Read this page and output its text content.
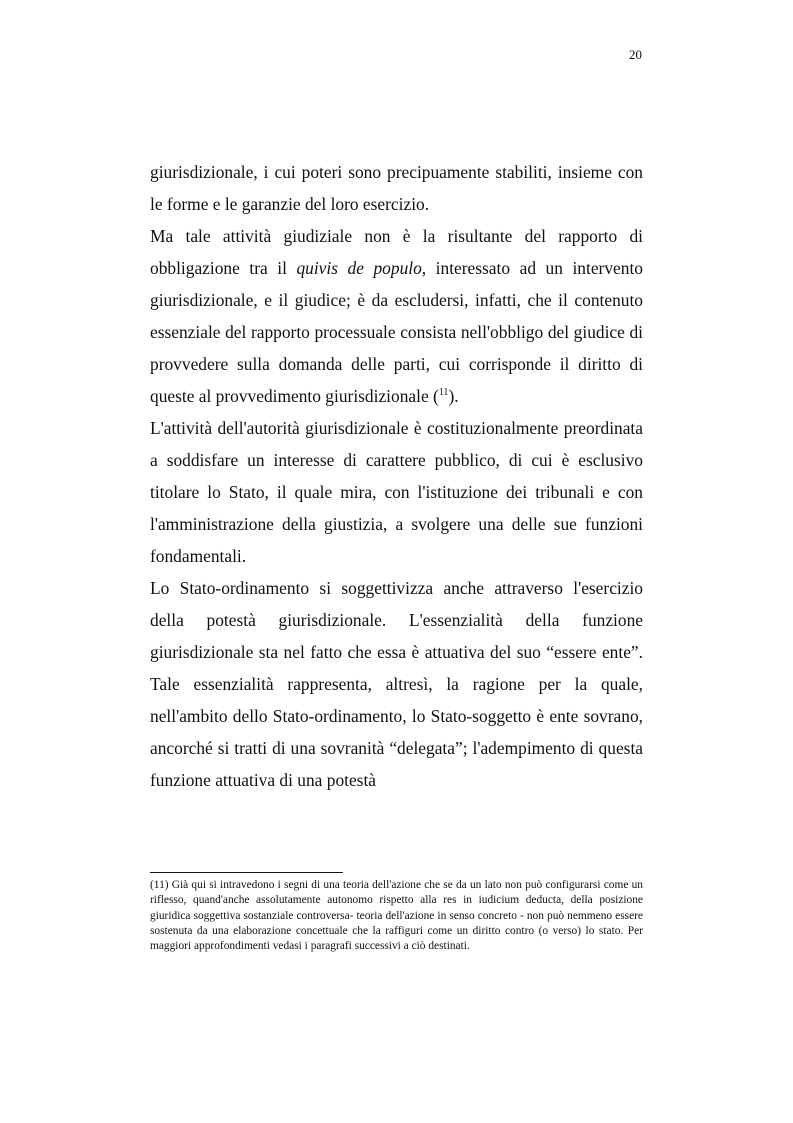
20

giurisdizionale, i cui poteri sono precipuamente stabiliti, insieme con le forme e le garanzie del loro esercizio.

Ma tale attività giudiziale non è la risultante del rapporto di obbligazione tra il quivis de populo, interessato ad un intervento giurisdizionale, e il giudice; è da escludersi, infatti, che il contenuto essenziale del rapporto processuale consista nell'obbligo del giudice di provvedere sulla domanda delle parti, cui corrisponde il diritto di queste al provvedimento giurisdizionale ($^{11}$).

L'attività dell'autorità giurisdizionale è costituzionalmente preordinata a soddisfare un interesse di carattere pubblico, di cui è esclusivo titolare lo Stato, il quale mira, con l'istituzione dei tribunali e con l'amministrazione della giustizia, a svolgere una delle sue funzioni fondamentali.

Lo Stato-ordinamento si soggettivizza anche attraverso l'esercizio della potestà giurisdizionale. L'essenzialità della funzione giurisdizionale sta nel fatto che essa è attuativa del suo “essere ente”. Tale essenzialità rappresenta, altresì, la ragione per la quale, nell'ambito dello Stato-ordinamento, lo Stato-soggetto è ente sovrano, ancorché si tratti di una sovranità “delegata”; l'adempimento di questa funzione attuativa di una potestà

(11) Già qui si intravedono i segni di una teoria dell'azione che se da un lato non può configurarsi come un riflesso, quand'anche assolutamente autonomo rispetto alla res in iudicium deducta, della posizione giuridica soggettiva sostanziale controversa- teoria dell'azione in senso concreto - non può nemmeno essere sostenuta da una elaborazione concettuale che la raffiguri come un diritto contro (o verso) lo stato. Per maggiori approfondimenti vedasi i paragrafi successivi a ciò destinati.
